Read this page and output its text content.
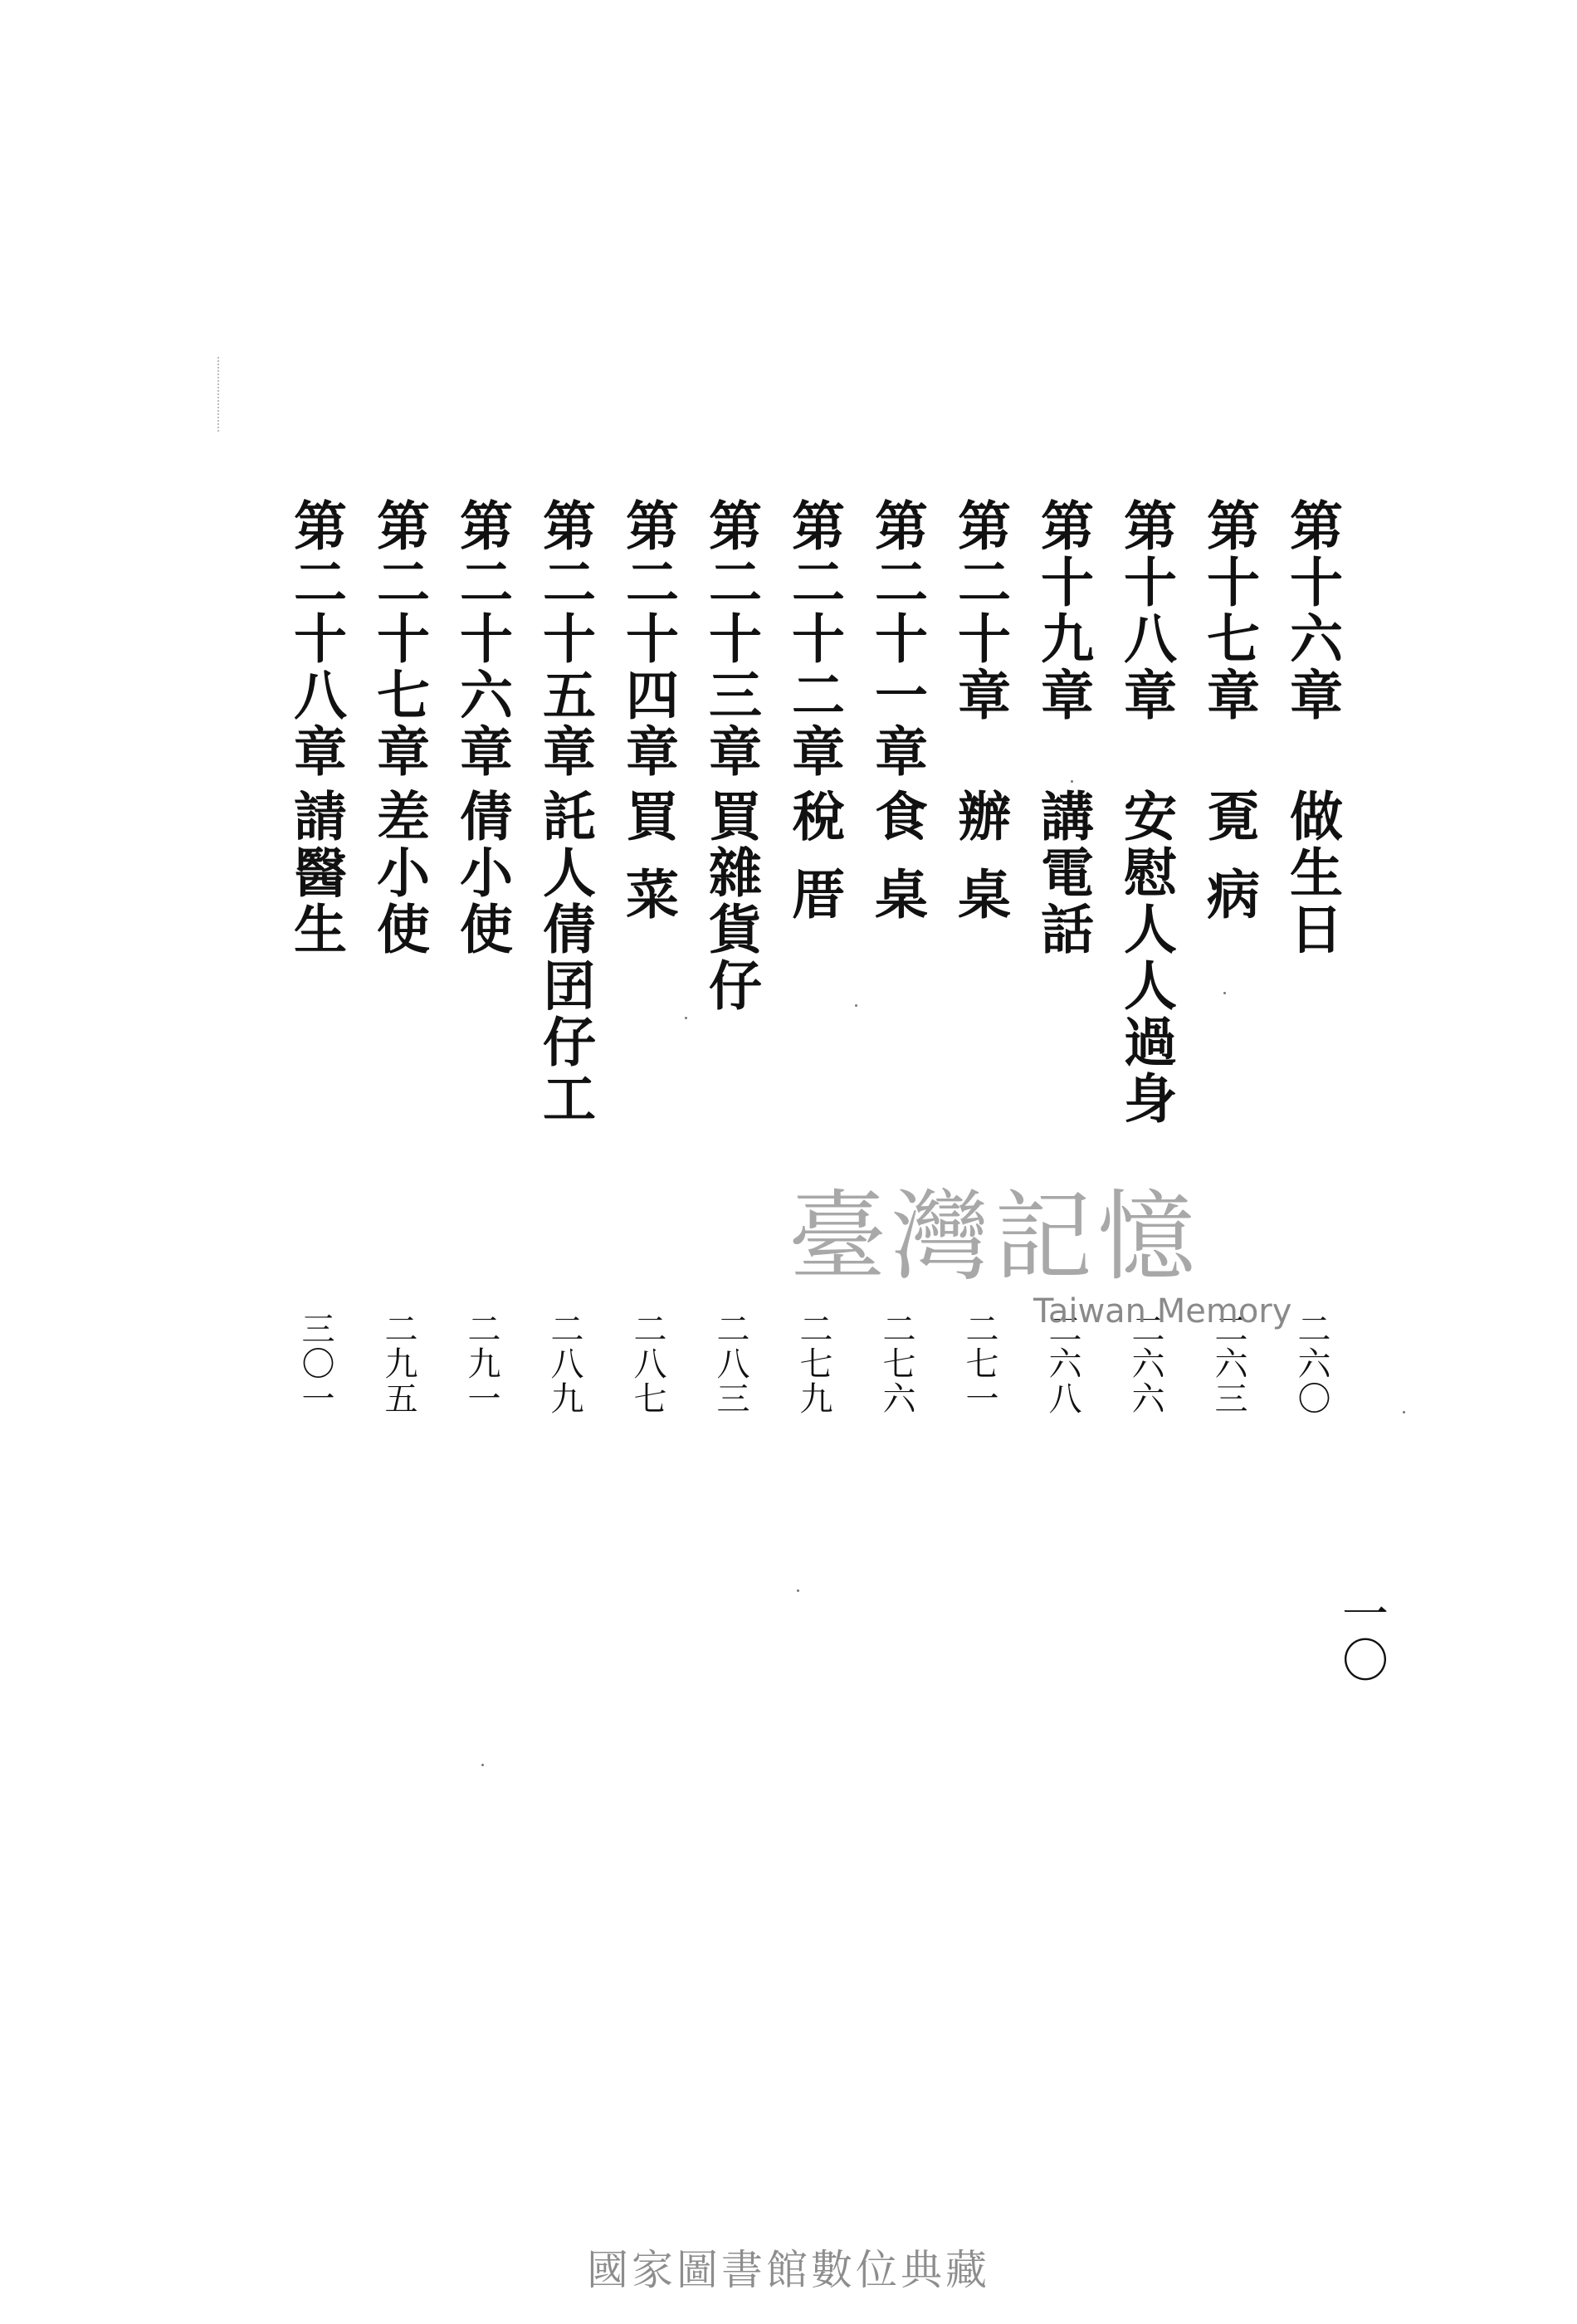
第十六章
做生日
第十七章
覔 病
第十八章
安慰人人過身
第十九章
講電話
第二十章
辦 桌
第二十一章
食 桌
第二十二章
稅 厝
第二十三章
買雜貨仔
第二十四章
買 菜
第二十五章
託人倩囝仔工
第二十六章
倩小使
第二十七章
差小使
第二十八章
請醫生
二六〇
二六三
二六六
二六八
二七一
二七六
二七九
二八三
二八七
二八九
二九一
二九五
三〇一
一〇
臺灣記憶
Taiwan Memory
國家圖書館數位典藏
